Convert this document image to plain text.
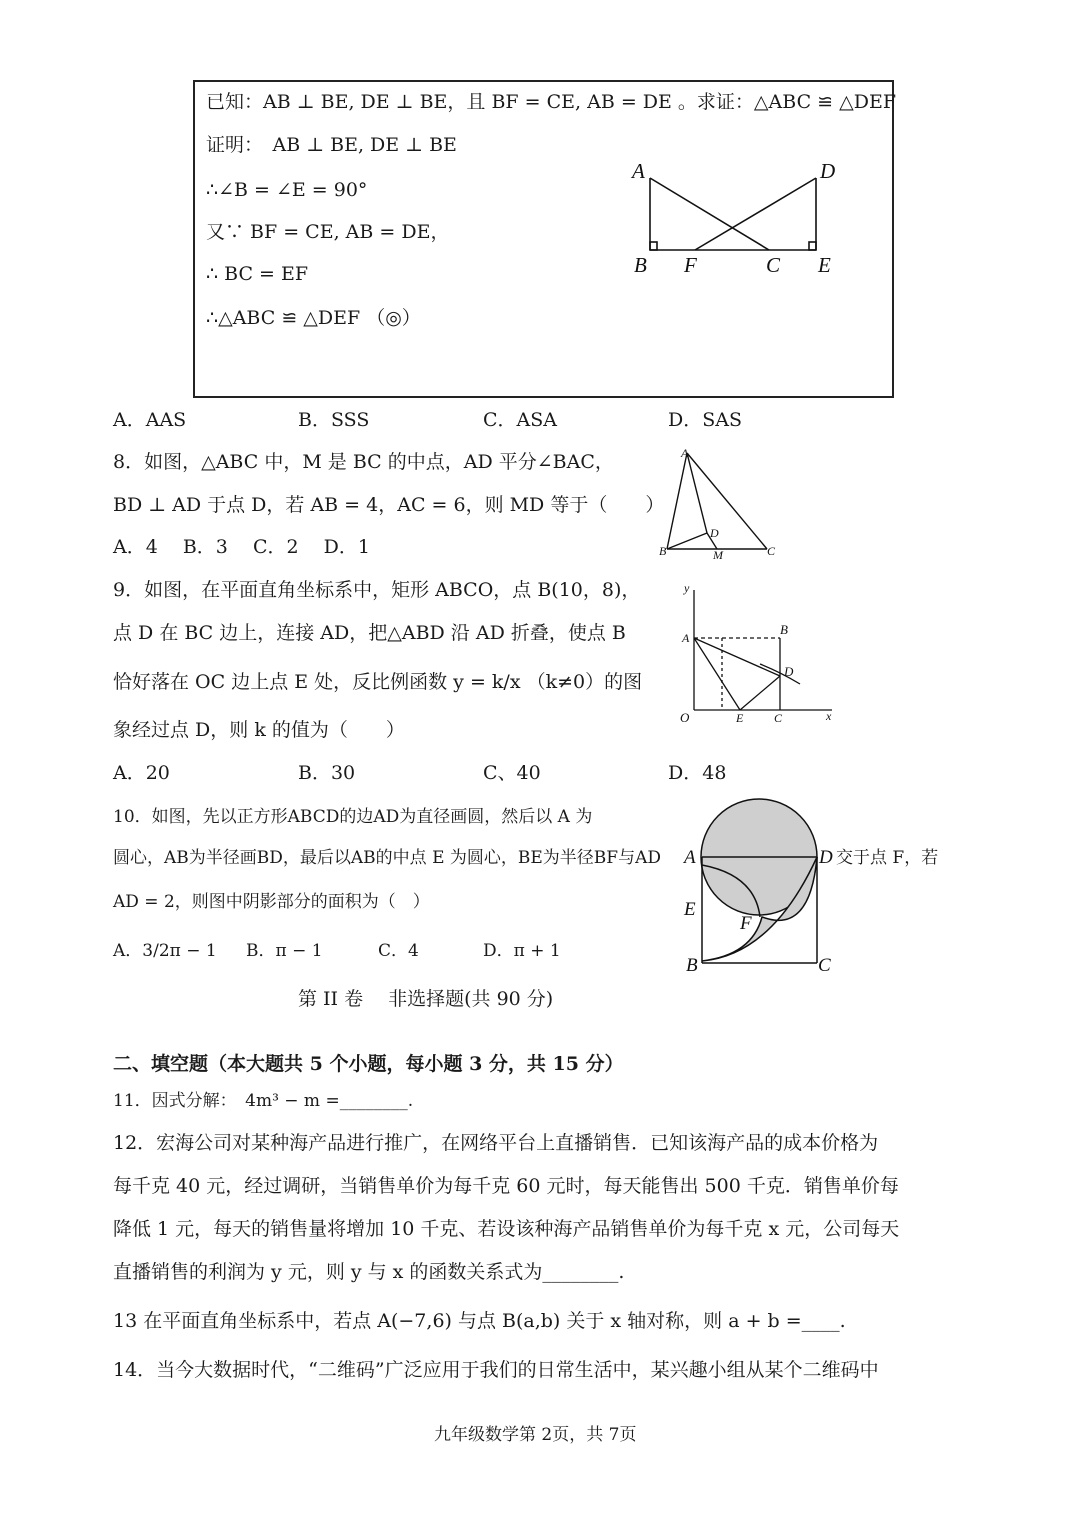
已知：AB ⊥ BE, DE ⊥ BE，且 BF = CE, AB = DE 。求证：△ABC ≌ △DEF
证明：　AB ⊥ BE, DE ⊥ BE
∴∠B = ∠E = 90°
又∵ BF = CE, AB = DE，
∴ BC = EF
∴△ABC ≌ △DEF （◎）
A	D
B F	C E
A．AAS	B．SSS	C．ASA	D．SAS
8．如图，△ABC 中，M 是 BC 的中点，AD 平分∠BAC，
BD ⊥ AD 于点 D，若 AB = 4，AC = 6，则 MD 等于（　　）
A．4　 B．3　 C．2　 D．1
A
B	C
D
M
9．如图，在平面直角坐标系中，矩形 ABCO，点 B(10，8)，
点 D 在 BC 边上，连接 AD，把△ABD 沿 AD 折叠，使点 B
恰好落在 OC 边上点 E 处，反比例函数 y = k/x （k≠0）的图
象经过点 D，则 k 的值为（　　）
A．20	B．30	C、40	D．48
y
x
O
A
B
D
E	C
10．如图，先以正方形ABCD的边AD为直径画圆，然后以 A 为
圆心，AB为半径画BD，最后以AB的中点 E 为圆心，BE为半径BF与AD	交于点 F，若
AD = 2，则图中阴影部分的面积为（　）
A．3/2π − 1 B．π − 1	C．4	D．π + 1
A	D
E
F
B	C
第 II 卷　 非选择题(共 90 分)
二、填空题（本大题共 5 个小题，每小题 3 分，共 15 分）
11．因式分解：　4m³ − m =________.
12．宏海公司对某种海产品进行推广，在网络平台上直播销售．已知该海产品的成本价格为
每千克 40 元，经过调研，当销售单价为每千克 60 元时，每天能售出 500 千克．销售单价每
降低 1 元，每天的销售量将增加 10 千克、若设该种海产品销售单价为每千克 x 元，公司每天
直播销售的利润为 y 元，则 y 与 x 的函数关系式为________.
13 在平面直角坐标系中，若点 A(−7,6) 与点 B(a,b) 关于 x 轴对称，则 a + b =____.
14．当今大数据时代，“二维码”广泛应用于我们的日常生活中，某兴趣小组从某个二维码中
九年级数学第 2页，共 7页
